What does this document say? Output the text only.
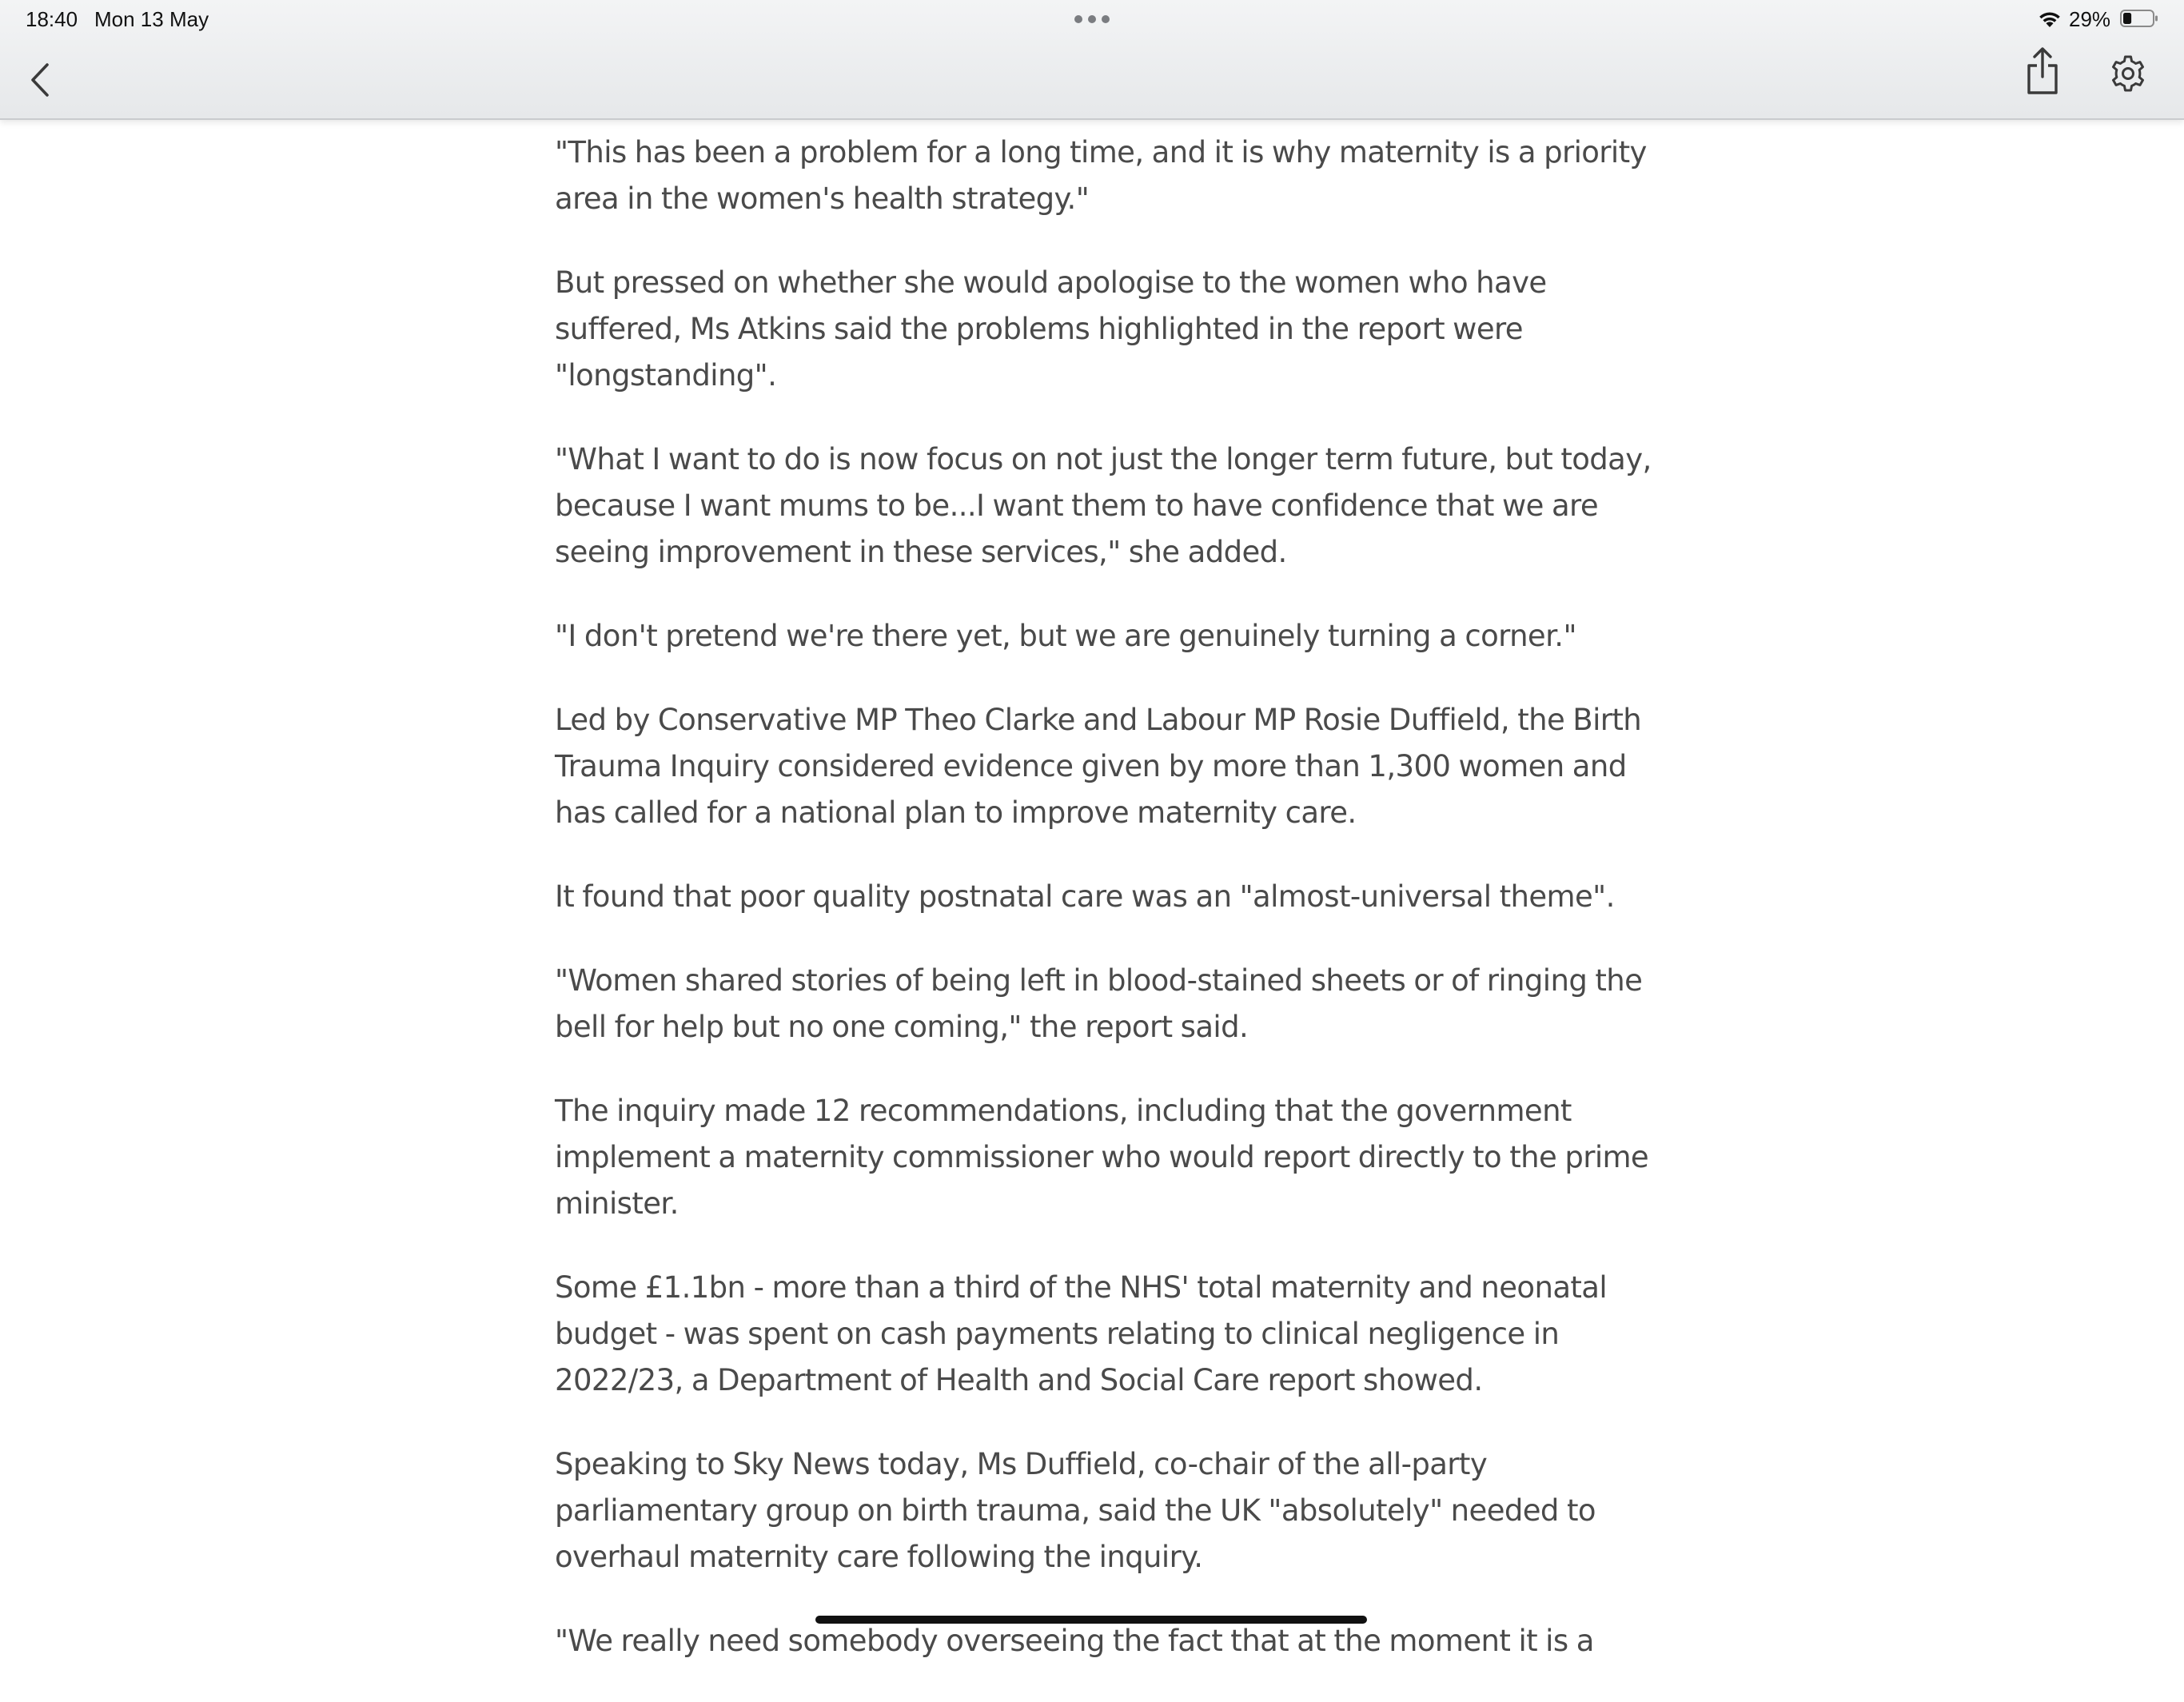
18:40 Mon 13 May	29%

"This has been a problem for a long time, and it is why maternity is a priority area in the women's health strategy."

But pressed on whether she would apologise to the women who have suffered, Ms Atkins said the problems highlighted in the report were "longstanding".

"What I want to do is now focus on not just the longer term future, but today, because I want mums to be...I want them to have confidence that we are seeing improvement in these services," she added.

"I don't pretend we're there yet, but we are genuinely turning a corner."

Led by Conservative MP Theo Clarke and Labour MP Rosie Duffield, the Birth Trauma Inquiry considered evidence given by more than 1,300 women and has called for a national plan to improve maternity care.

It found that poor quality postnatal care was an "almost-universal theme".

"Women shared stories of being left in blood-stained sheets or of ringing the bell for help but no one coming," the report said.

The inquiry made 12 recommendations, including that the government implement a maternity commissioner who would report directly to the prime minister.

Some £1.1bn - more than a third of the NHS' total maternity and neonatal budget - was spent on cash payments relating to clinical negligence in 2022/23, a Department of Health and Social Care report showed.

Speaking to Sky News today, Ms Duffield, co-chair of the all-party parliamentary group on birth trauma, said the UK "absolutely" needed to overhaul maternity care following the inquiry.

"We really need somebody overseeing the fact that at the moment it is a
